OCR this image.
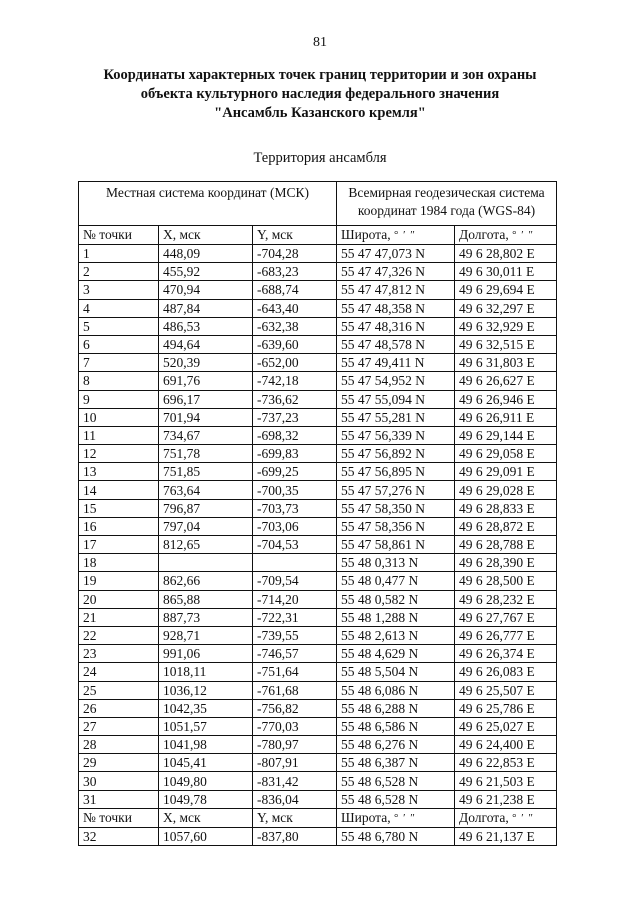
81
Координаты характерных точек границ территории и зон охраны
объекта культурного наследия федерального значения
"Ансамбль Казанского кремля"
Территория ансамбля
Местная система координат (МСК)			Всемирная геодезическая система
координат 1984 года (WGS-84)	

№ точки	X, мск	Y, мск	Широта, ° ′ ″	Долгота, ° ′ ″
1	448,09	-704,28	55 47 47,073 N	49 6 28,802 E
2	455,92	-683,23	55 47 47,326 N	49 6 30,011 E
3	470,94	-688,74	55 47 47,812 N	49 6 29,694 E
4	487,84	-643,40	55 47 48,358 N	49 6 32,297 E
5	486,53	-632,38	55 47 48,316 N	49 6 32,929 E
6	494,64	-639,60	55 47 48,578 N	49 6 32,515 E
7	520,39	-652,00	55 47 49,411 N	49 6 31,803 E
8	691,76	-742,18	55 47 54,952 N	49 6 26,627 E
9	696,17	-736,62	55 47 55,094 N	49 6 26,946 E
10	701,94	-737,23	55 47 55,281 N	49 6 26,911 E
11	734,67	-698,32	55 47 56,339 N	49 6 29,144 E
12	751,78	-699,83	55 47 56,892 N	49 6 29,058 E
13	751,85	-699,25	55 47 56,895 N	49 6 29,091 E
14	763,64	-700,35	55 47 57,276 N	49 6 29,028 E
15	796,87	-703,73	55 47 58,350 N	49 6 28,833 E
16	797,04	-703,06	55 47 58,356 N	49 6 28,872 E
17	812,65	-704,53	55 47 58,861 N	49 6 28,788 E
18			55 48 0,313 N	49 6 28,390 E
19	862,66	-709,54	55 48 0,477 N	49 6 28,500 E
20	865,88	-714,20	55 48 0,582 N	49 6 28,232 E
21	887,73	-722,31	55 48 1,288 N	49 6 27,767 E
22	928,71	-739,55	55 48 2,613 N	49 6 26,777 E
23	991,06	-746,57	55 48 4,629 N	49 6 26,374 E
24	1018,11	-751,64	55 48 5,504 N	49 6 26,083 E
25	1036,12	-761,68	55 48 6,086 N	49 6 25,507 E
26	1042,35	-756,82	55 48 6,288 N	49 6 25,786 E
27	1051,57	-770,03	55 48 6,586 N	49 6 25,027 E
28	1041,98	-780,97	55 48 6,276 N	49 6 24,400 E
29	1045,41	-807,91	55 48 6,387 N	49 6 22,853 E
30	1049,80	-831,42	55 48 6,528 N	49 6 21,503 E
31	1049,78	-836,04	55 48 6,528 N	49 6 21,238 E
№ точки	X, мск	Y, мск	Широта, ° ′ ″	Долгота, ° ′ ″
32	1057,60	-837,80	55 48 6,780 N	49 6 21,137 E
